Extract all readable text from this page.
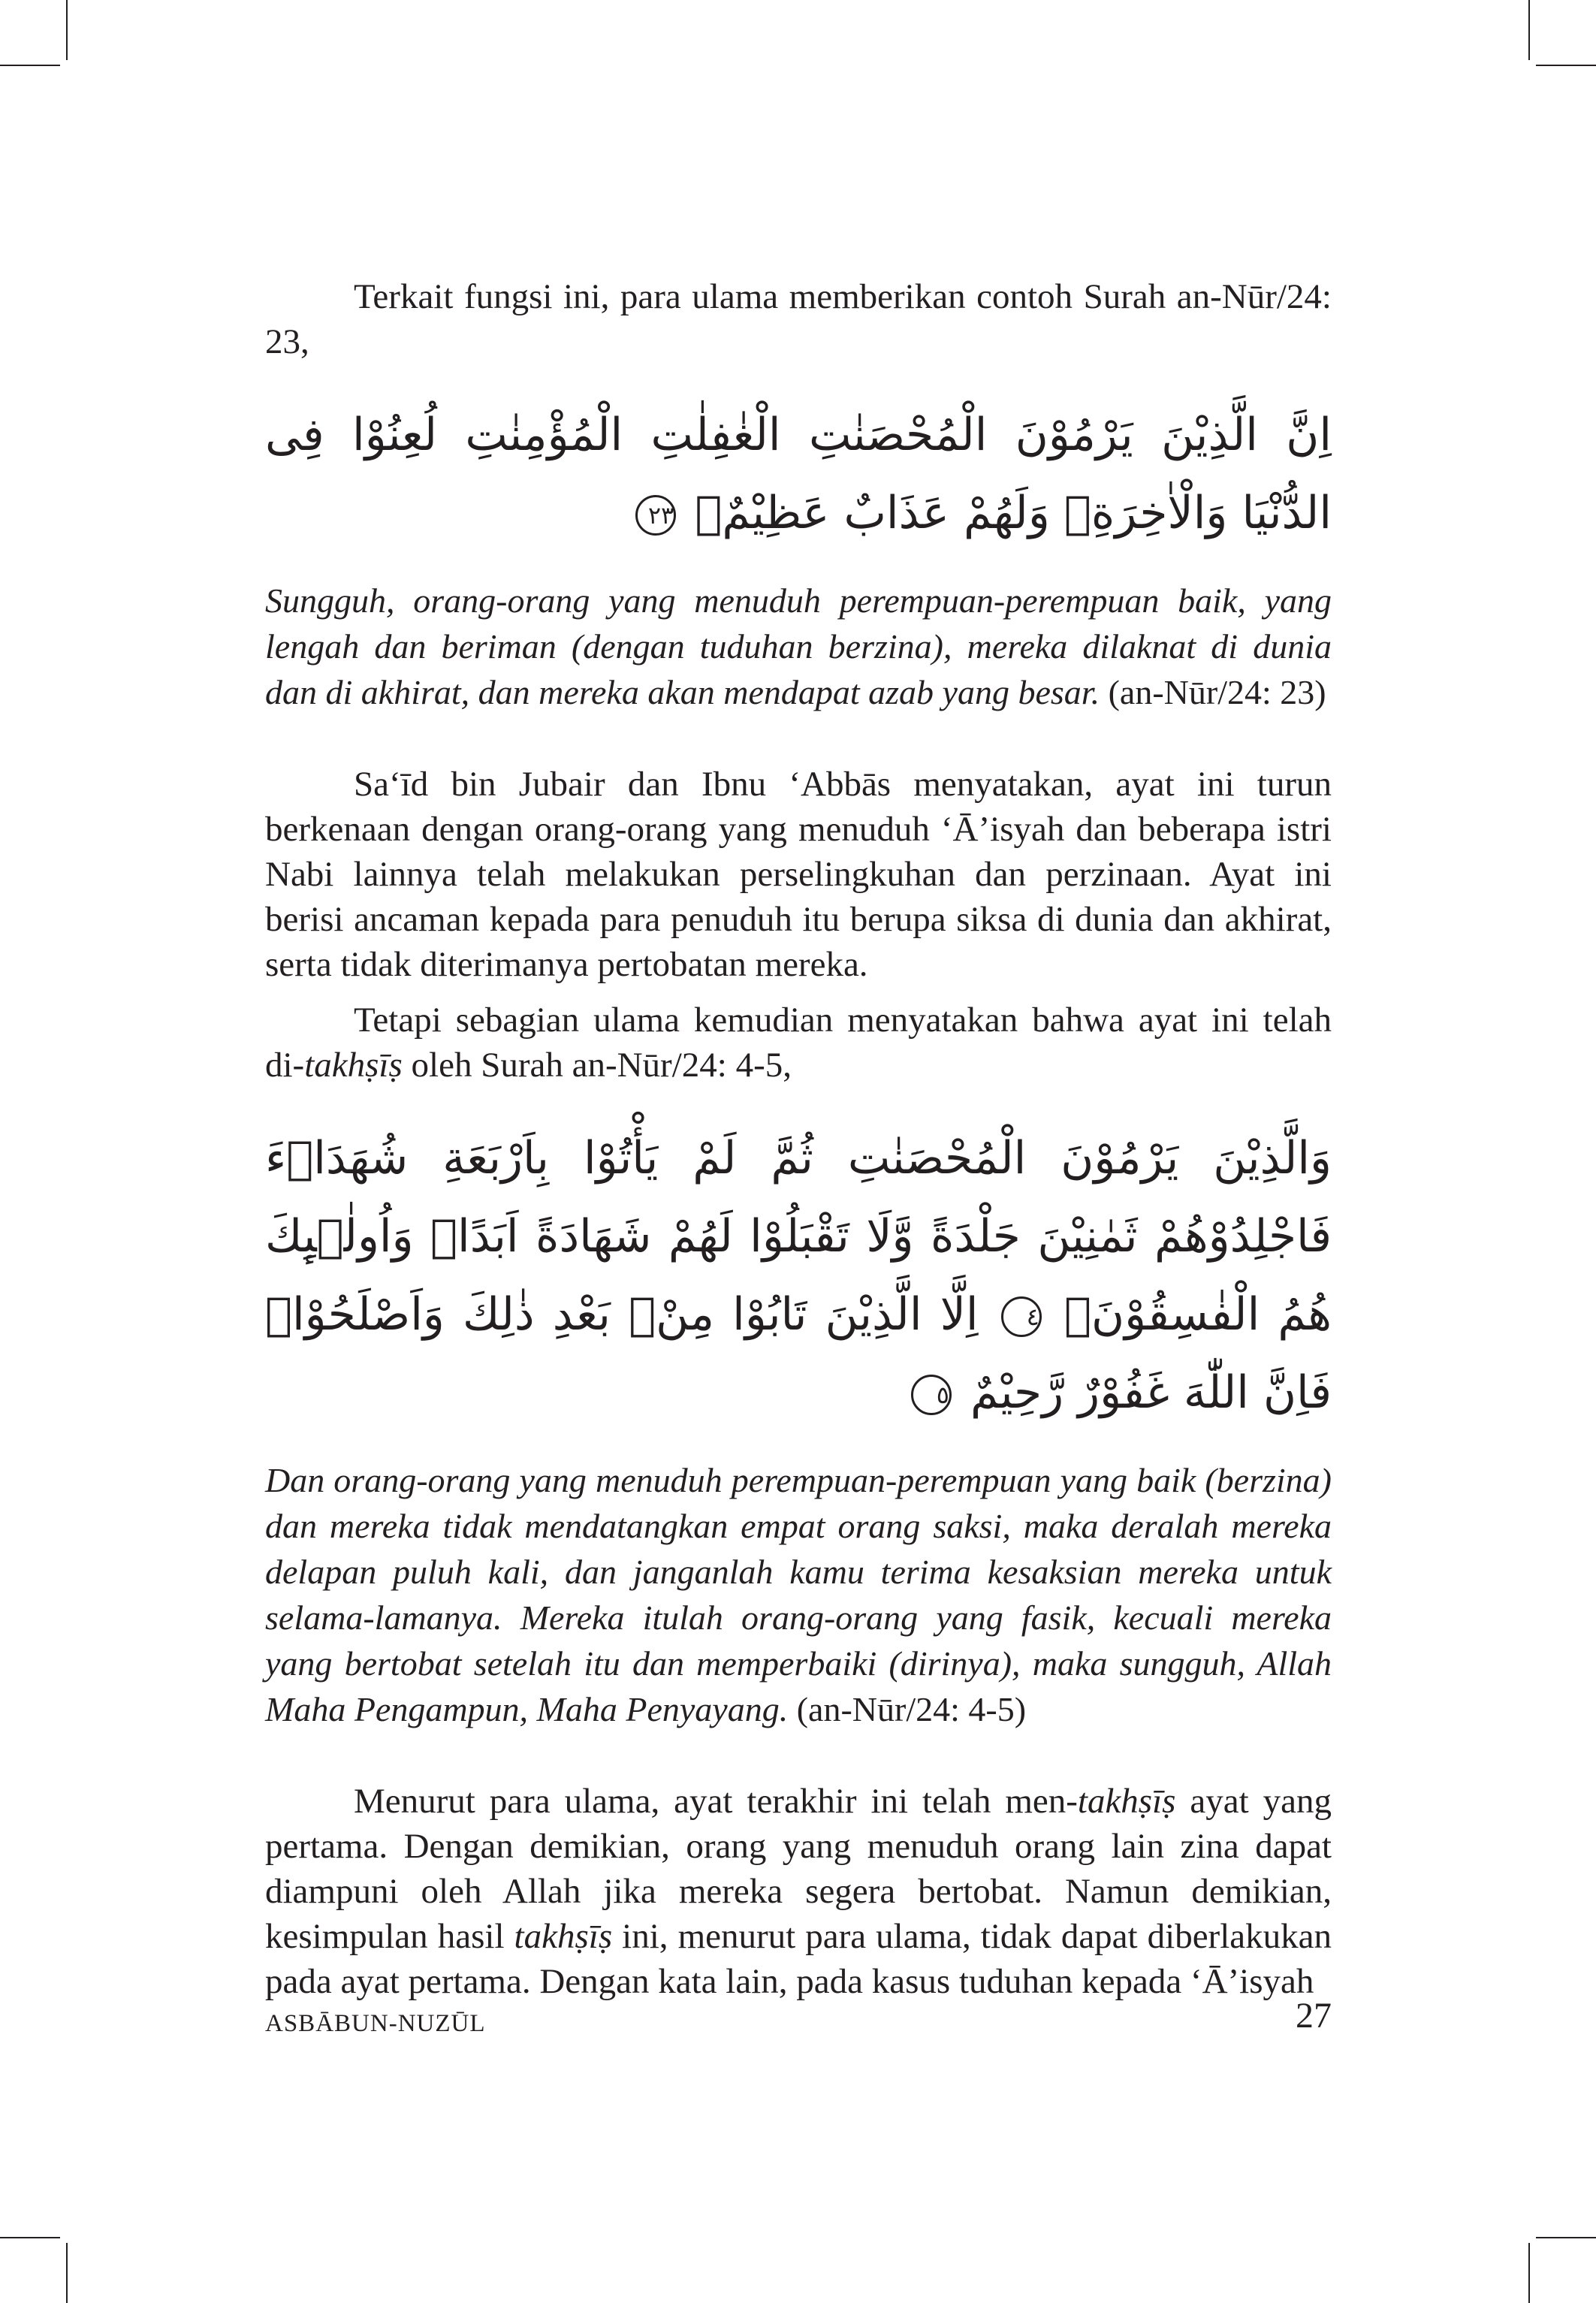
Terkait fungsi ini, para ulama memberikan contoh Surah an-Nūr/24: 23,

اِنَّ الَّذِيْنَ يَرْمُوْنَ الْمُحْصَنٰتِ الْغٰفِلٰتِ الْمُؤْمِنٰتِ لُعِنُوْا فِى الدُّنْيَا وَالْاٰخِرَةِۖ وَلَهُمْ عَذَابٌ عَظِيْمٌۙ ٢٣

Sungguh, orang-orang yang menuduh perempuan-perempuan baik, yang lengah dan beriman (dengan tuduhan berzina), mereka dilaknat di dunia dan di akhirat, dan mereka akan mendapat azab yang besar. (an-Nūr/24: 23)

Saʻīd bin Jubair dan Ibnu ʻAbbās menyatakan, ayat ini turun berkenaan dengan orang-orang yang menuduh ʻĀʼisyah dan beberapa istri Nabi lainnya telah melakukan perselingkuhan dan perzinaan. Ayat ini berisi ancaman kepada para penuduh itu berupa siksa di dunia dan akhirat, serta tidak diterimanya pertobatan mereka.

Tetapi sebagian ulama kemudian menyatakan bahwa ayat ini telah di-takhṣīṣ oleh Surah an-Nūr/24: 4-5,

وَالَّذِيْنَ يَرْمُوْنَ الْمُحْصَنٰتِ ثُمَّ لَمْ يَأْتُوْا بِاَرْبَعَةِ شُهَدَاۤءَ فَاجْلِدُوْهُمْ ثَمٰنِيْنَ جَلْدَةً وَّلَا تَقْبَلُوْا لَهُمْ شَهَادَةً اَبَدًاۚ وَاُولٰۤىِٕكَ هُمُ الْفٰسِقُوْنَۙ ٤ اِلَّا الَّذِيْنَ تَابُوْا مِنْۢ بَعْدِ ذٰلِكَ وَاَصْلَحُوْاۚ فَاِنَّ اللّٰهَ غَفُوْرٌ رَّحِيْمٌ ٥

Dan orang-orang yang menuduh perempuan-perempuan yang baik (berzina) dan mereka tidak mendatangkan empat orang saksi, maka deralah mereka delapan puluh kali, dan janganlah kamu terima kesaksian mereka untuk selama-lamanya. Mereka itulah orang-orang yang fasik, kecuali mereka yang bertobat setelah itu dan memperbaiki (dirinya), maka sungguh, Allah Maha Pengampun, Maha Penyayang. (an-Nūr/24: 4-5)

Menurut para ulama, ayat terakhir ini telah men-takhṣīṣ ayat yang pertama. Dengan demikian, orang yang menuduh orang lain zina dapat diampuni oleh Allah jika mereka segera bertobat. Namun demikian, kesimpulan hasil takhṣīṣ ini, menurut para ulama, tidak dapat diberlakukan pada ayat pertama. Dengan kata lain, pada kasus tuduhan kepada ʻĀʼisyah

ASBĀBUN-NUZŪL	27
